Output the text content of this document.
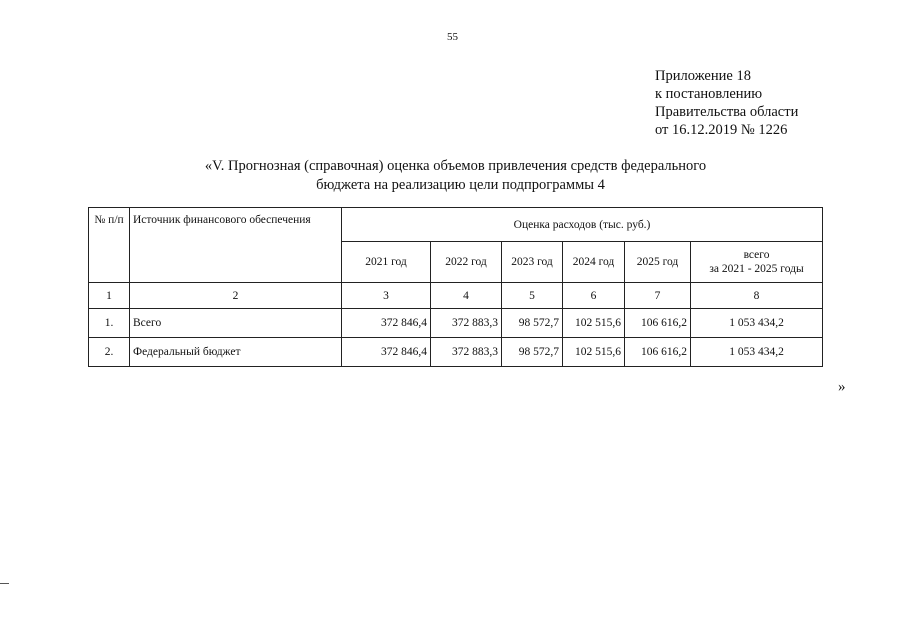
55
Приложение 18
к постановлению
Правительства области
от 16.12.2019 № 1226
«V. Прогнозная (справочная) оценка объемов привлечения средств федерального
бюджета на реализацию цели подпрограммы 4
№ п/п	Источник финансового обеспечения	Оценка расходов (тыс. руб.)					
		2021 год	2022 год	2023 год	2024 год	2025 год	всего
за 2021 - 2025 годы

1	2	3	4	5	6	7	8
1.	Всего	372 846,4	372 883,3	98 572,7	102 515,6	106 616,2	1 053 434,2
2.	Федеральный бюджет	372 846,4	372 883,3	98 572,7	102 515,6	106 616,2	1 053 434,2
»
